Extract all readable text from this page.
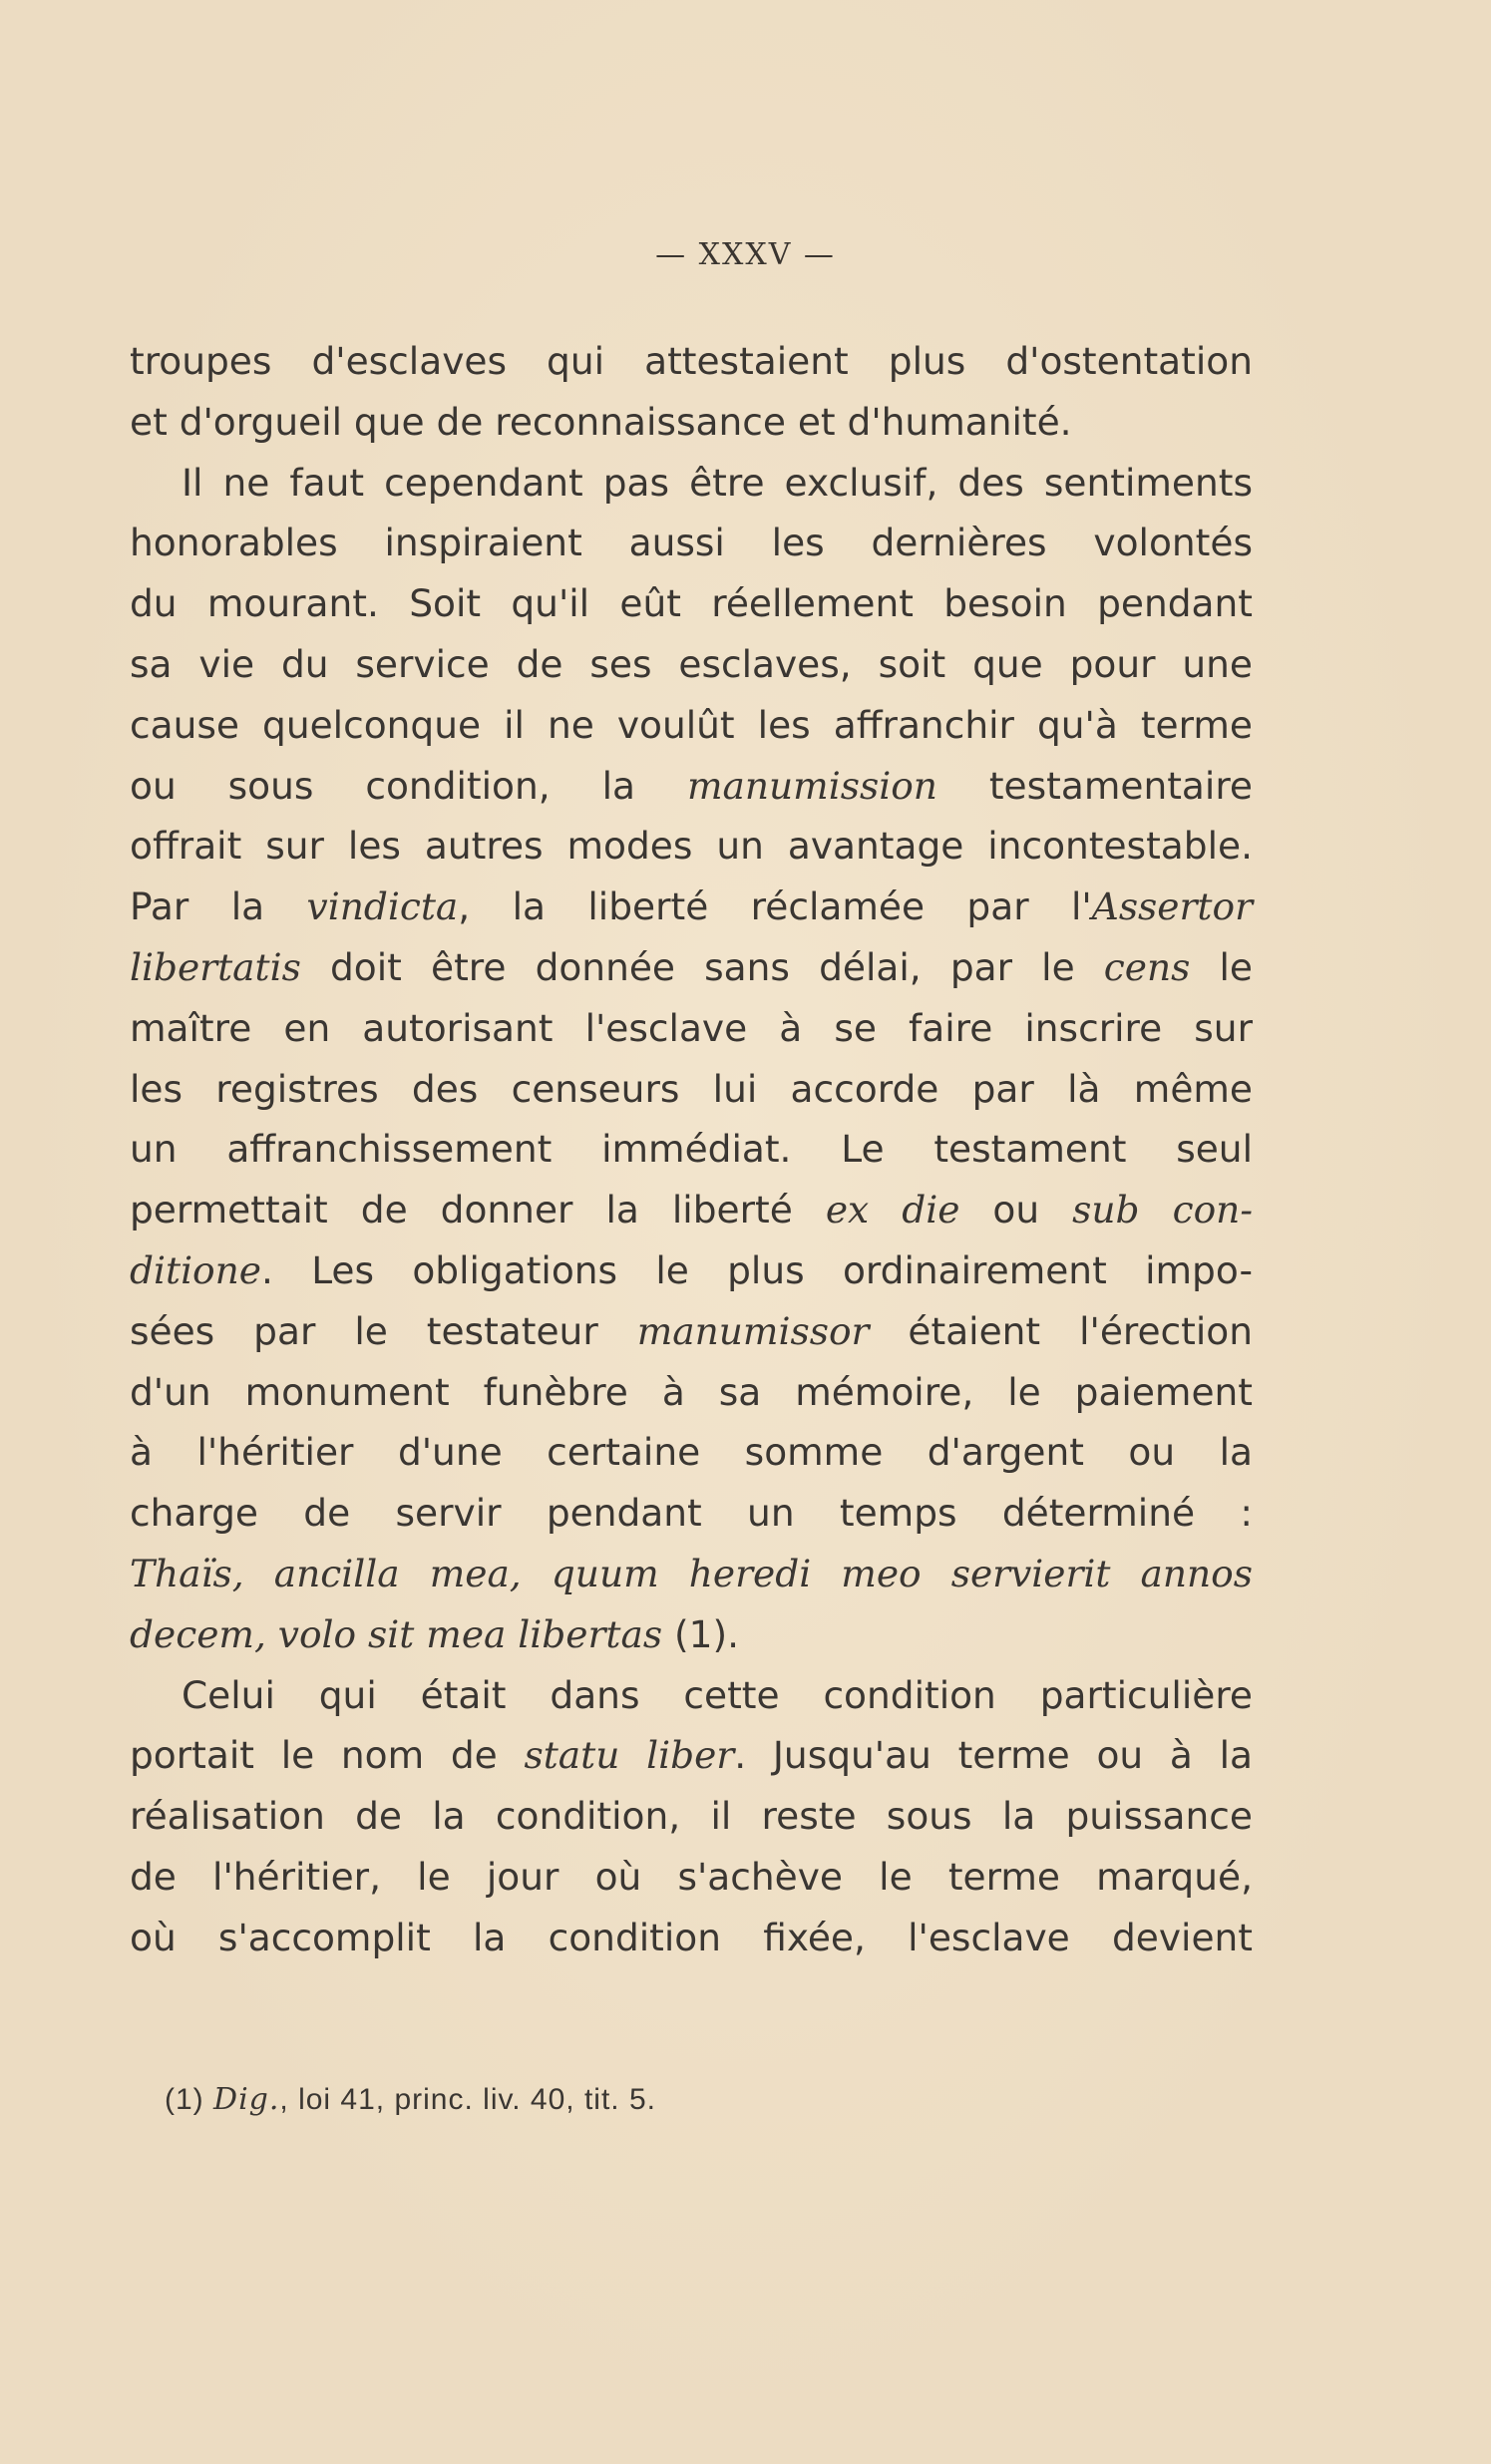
— XXXV —
troupes d'esclaves qui attestaient plus d'ostentation
et d'orgueil que de reconnaissance et d'humanité.
Il ne faut cependant pas être exclusif, des sentiments
honorables inspiraient aussi les dernières volontés
du mourant. Soit qu'il eût réellement besoin pendant
sa vie du service de ses esclaves, soit que pour une
cause quelconque il ne voulût les affranchir qu'à terme
ou sous condition, la manumission testamentaire
offrait sur les autres modes un avantage incontestable.
Par la vindicta, la liberté réclamée par l'Assertor
libertatis doit être donnée sans délai, par le cens le
maître en autorisant l'esclave à se faire inscrire sur
les registres des censeurs lui accorde par là même
un affranchissement immédiat. Le testament seul
permettait de donner la liberté ex die ou sub con-
ditione. Les obligations le plus ordinairement impo-
sées par le testateur manumissor étaient l'érection
d'un monument funèbre à sa mémoire, le paiement
à l'héritier d'une certaine somme d'argent ou la
charge de servir pendant un temps déterminé :
Thaïs, ancilla mea, quum heredi meo servierit annos
decem, volo sit mea libertas (1).
Celui qui était dans cette condition particulière
portait le nom de statu liber. Jusqu'au terme ou à la
réalisation de la condition, il reste sous la puissance
de l'héritier, le jour où s'achève le terme marqué,
où s'accomplit la condition fixée, l'esclave devient
(1) Dig., loi 41, princ. liv. 40, tit. 5.
